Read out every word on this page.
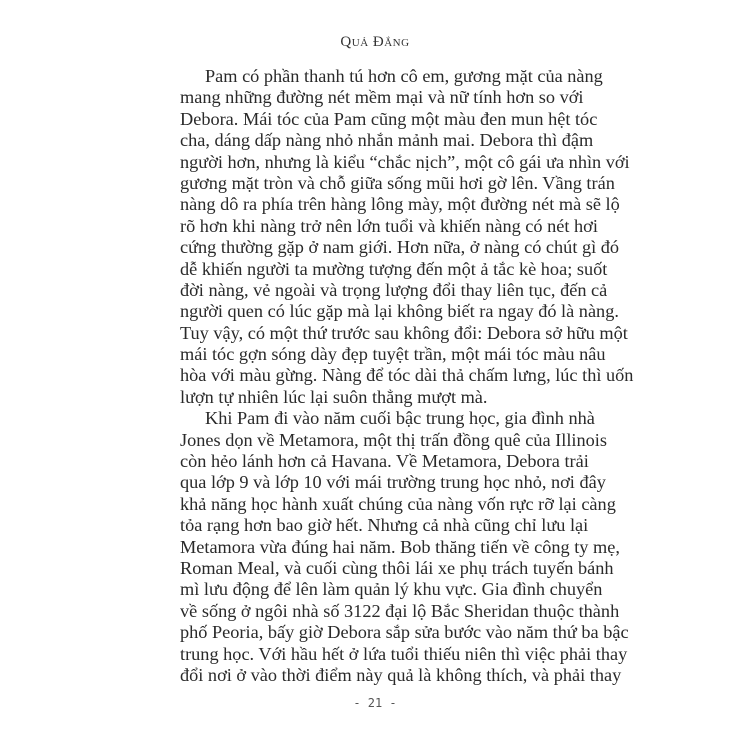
Quả Đắng
Pam có phần thanh tú hơn cô em, gương mặt của nàng
mang những đường nét mềm mại và nữ tính hơn so với
Debora. Mái tóc của Pam cũng một màu đen mun hệt tóc
cha, dáng dấp nàng nhỏ nhắn mảnh mai. Debora thì đậm
người hơn, nhưng là kiểu “chắc nịch”, một cô gái ưa nhìn với
gương mặt tròn và chỗ giữa sống mũi hơi gờ lên. Vầng trán
nàng dô ra phía trên hàng lông mày, một đường nét mà sẽ lộ
rõ hơn khi nàng trở nên lớn tuổi và khiến nàng có nét hơi
cứng thường gặp ở nam giới. Hơn nữa, ở nàng có chút gì đó
dễ khiến người ta mường tượng đến một ả tắc kè hoa; suốt
đời nàng, vẻ ngoài và trọng lượng đổi thay liên tục, đến cả
người quen có lúc gặp mà lại không biết ra ngay đó là nàng.
Tuy vậy, có một thứ trước sau không đổi: Debora sở hữu một
mái tóc gợn sóng dày đẹp tuyệt trần, một mái tóc màu nâu
hòa với màu gừng. Nàng để tóc dài thả chấm lưng, lúc thì uốn
lượn tự nhiên lúc lại suôn thẳng mượt mà.
Khi Pam đi vào năm cuối bậc trung học, gia đình nhà
Jones dọn về Metamora, một thị trấn đồng quê của Illinois
còn hẻo lánh hơn cả Havana. Về Metamora, Debora trải
qua lớp 9 và lớp 10 với mái trường trung học nhỏ, nơi đây
khả năng học hành xuất chúng của nàng vốn rực rỡ lại càng
tỏa rạng hơn bao giờ hết. Nhưng cả nhà cũng chỉ lưu lại
Metamora vừa đúng hai năm. Bob thăng tiến về công ty mẹ,
Roman Meal, và cuối cùng thôi lái xe phụ trách tuyến bánh
mì lưu động để lên làm quản lý khu vực. Gia đình chuyển
về sống ở ngôi nhà số 3122 đại lộ Bắc Sheridan thuộc thành
phố Peoria, bấy giờ Debora sắp sửa bước vào năm thứ ba bậc
trung học. Với hầu hết ở lứa tuổi thiếu niên thì việc phải thay
đổi nơi ở vào thời điểm này quả là không thích, và phải thay
- 21 -
